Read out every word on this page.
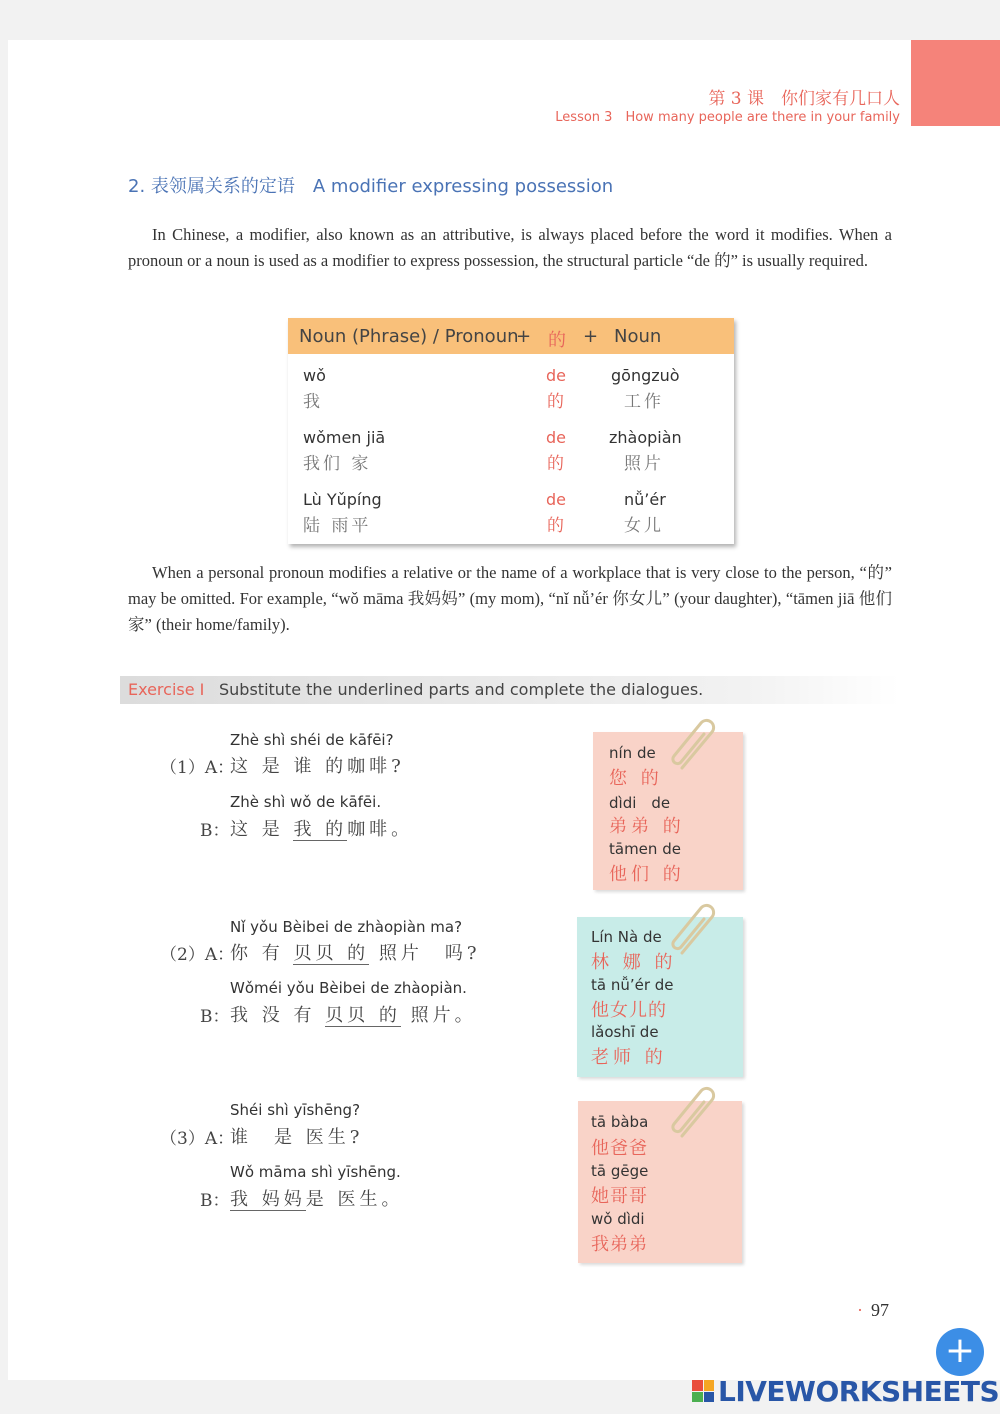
第 3 课　你们家有几口人
Lesson 3　How many people are there in your family
2. 表领属关系的定语　A modifier expressing possession
In Chinese, a modifier, also known as an attributive, is always placed before the word it modifies. When a pronoun or a noun is used as a modifier to express possession, the structural particle “de 的” is usually required.
Noun (Phrase) / Pronoun
+ 的 + Noun
wǒ
我
de
的
gōngzuò
工作
wǒmen jiā
我们 家
de
的
zhàopiàn
照片
Lù Yǔpíng
陆 雨平
de
的
nǚ’ér
女儿
When a personal pronoun modifies a relative or the name of a workplace that is very close to the person, “的” may be omitted. For example, “wǒ māma 我妈妈” (my mom), “nǐ nǚ’ér 你女儿” (your daughter), “tāmen jiā 他们家” (their home/family).
Exercise I Substitute the underlined parts and complete the dialogues.
Zhè shì shéi de kāfēi?
（1）A：
这 是 谁 的咖啡?
Zhè shì wǒ de kāfēi.
B： 这 是 我 的咖啡。
Nǐ yǒu Bèibei de zhàopiàn ma?
（2）A：
你 有 贝贝 的 照片　吗?
Wǒméi yǒu Bèibei de zhàopiàn.
B： 我 没 有 贝贝 的 照片。
Shéi shì yīshēng?
（3）A：
谁　是 医生?
Wǒ māma shì yīshēng.
B： 我 妈妈是 医生。
nín de
您 的
dìdi　de
弟弟 的
tāmen de
他们 的
Lín Nà de
林 娜 的
tā nǚ’ér de
他女儿的
lǎoshī de
老师 的
tā bàba
他爸爸
tā gēge
她哥哥
wǒ dìdi
我弟弟
· 97
+
LIVEWORKSHEETS
